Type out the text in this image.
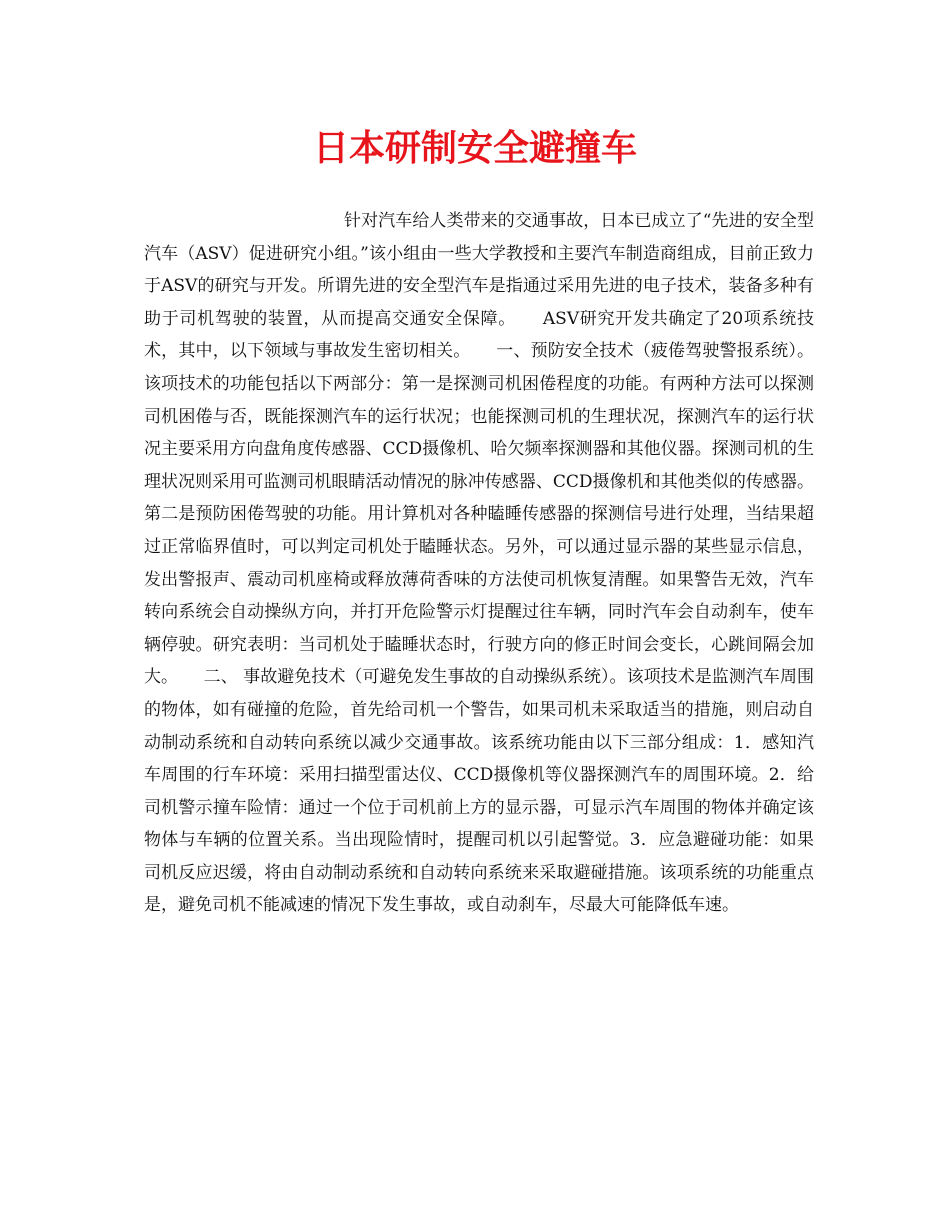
日本研制安全避撞车

针对汽车给人类带来的交通事故，日本已成立了“先进的安全型汽车（ASV）促进研究小组。”该小组由一些大学教授和主要汽车制造商组成，目前正致力于ASV的研究与开发。所谓先进的安全型汽车是指通过采用先进的电子技术，装备多种有助于司机驾驶的装置，从而提高交通安全保障。　　ASV研究开发共确定了20项系统技术，其中，以下领域与事故发生密切相关。　　一、预防安全技术（疲倦驾驶警报系统）。该项技术的功能包括以下两部分：第一是探测司机困倦程度的功能。有两种方法可以探测司机困倦与否，既能探测汽车的运行状况；也能探测司机的生理状况，探测汽车的运行状况主要采用方向盘角度传感器、CCD摄像机、哈欠频率探测器和其他仪器。探测司机的生理状况则采用可监测司机眼睛活动情况的脉冲传感器、CCD摄像机和其他类似的传感器。第二是预防困倦驾驶的功能。用计算机对各种瞌睡传感器的探测信号进行处理，当结果超过正常临界值时，可以判定司机处于瞌睡状态。另外，可以通过显示器的某些显示信息，发出警报声、震动司机座椅或释放薄荷香味的方法使司机恢复清醒。如果警告无效，汽车转向系统会自动操纵方向，并打开危险警示灯提醒过往车辆，同时汽车会自动刹车，使车辆停驶。研究表明：当司机处于瞌睡状态时，行驶方向的修正时间会变长，心跳间隔会加大。　　二、 事故避免技术（可避免发生事故的自动操纵系统）。该项技术是监测汽车周围的物体，如有碰撞的危险，首先给司机一个警告，如果司机未采取适当的措施，则启动自动制动系统和自动转向系统以减少交通事故。该系统功能由以下三部分组成：1．感知汽车周围的行车环境：采用扫描型雷达仪、CCD摄像机等仪器探测汽车的周围环境。2．给司机警示撞车险情：通过一个位于司机前上方的显示器，可显示汽车周围的物体并确定该物体与车辆的位置关系。当出现险情时，提醒司机以引起警觉。3．应急避碰功能：如果司机反应迟缓，将由自动制动系统和自动转向系统来采取避碰措施。该项系统的功能重点是，避免司机不能减速的情况下发生事故，或自动刹车，尽最大可能降低车速。
